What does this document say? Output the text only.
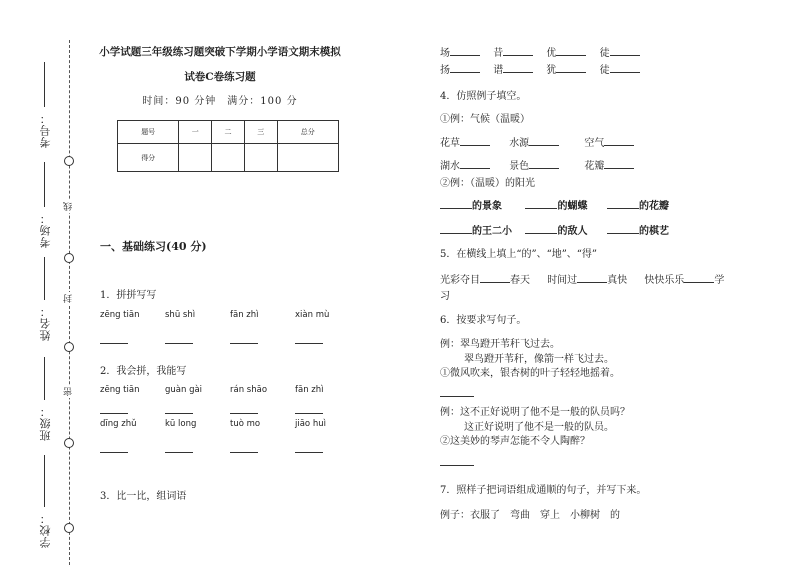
考号：
考场：
姓名：
班级：
学校：
线
封
密
小学试题三年级练习题突破下学期小学语文期末模拟试卷C卷练习题
时间：90 分钟　满分：100 分
题号	一	二	三	总分
得分				
一、基础练习(40 分)
1．拼拼写写
zēng tiān	shū shì	fān zhì	xiàn mù
2．我会拼，我能写
zēng tiān	guàn gài	rán shāo	fān zhì
dīng zhǔ	kū long	tuò mo	jiāo huì
3．比一比，组词语
场	昔	优	徒
扬	谱	犹	徒
4．仿照例子填空。
①例：气候（温暖）
花草	水源	空气
湖水	景色	花瓣
②例：（温暖）的阳光
的景象	的蝴蝶	的花瓣
的王二小	的敌人	的棋艺
5．在横线上填上“的”、“地”、“得”
光彩夺目	春天 时间过	真快 快快乐乐	学
习
6．按要求写句子。
例：翠鸟蹬开苇秆飞过去。
翠鸟蹬开苇秆，像箭一样飞过去。
①微风吹来，银杏树的叶子轻轻地摇着。
例：这不正好说明了他不是一般的队员吗？
这正好说明了他不是一般的队员。
②这美妙的琴声怎能不令人陶醉？
7．照样子把词语组成通顺的句子，并写下来。
例子：衣服了　弯曲　穿上　小柳树　的
